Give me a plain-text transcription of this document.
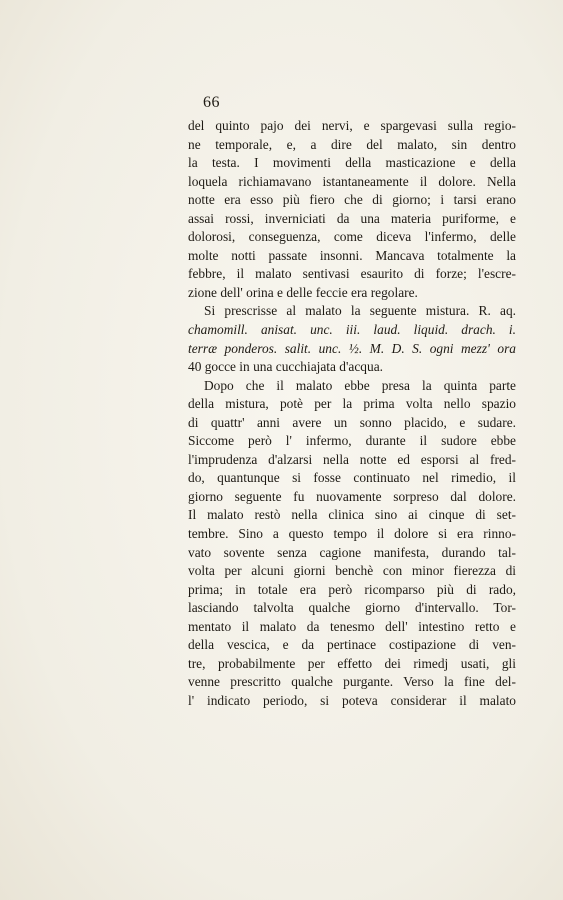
66
del quinto pajo dei nervi, e spargevasi sulla regio-
ne temporale, e, a dire del malato, sin dentro
la testa. I movimenti della masticazione e della
loquela richiamavano istantaneamente il dolore. Nella
notte era esso più fiero che di giorno; i tarsi erano
assai rossi, inverniciati da una materia puriforme, e
dolorosi, conseguenza, come diceva l'infermo, delle
molte notti passate insonni. Mancava totalmente la
febbre, il malato sentivasi esaurito di forze; l'escre-
zione dell' orina e delle feccie era regolare.
Si prescrisse al malato la seguente mistura. R. aq.
chamomill. anisat. unc. iii. laud. liquid. drach. i.
terræ ponderos. salit. unc. ½. M. D. S. ogni mezz' ora
40 gocce in una cucchiajata d'acqua.
Dopo che il malato ebbe presa la quinta parte
della mistura, potè per la prima volta nello spazio
di quattr' anni avere un sonno placido, e sudare.
Siccome però l' infermo, durante il sudore ebbe
l'imprudenza d'alzarsi nella notte ed esporsi al fred-
do, quantunque si fosse continuato nel rimedio, il
giorno seguente fu nuovamente sorpreso dal dolore.
Il malato restò nella clinica sino ai cinque di set-
tembre. Sino a questo tempo il dolore si era rinno-
vato sovente senza cagione manifesta, durando tal-
volta per alcuni giorni benchè con minor fierezza di
prima; in totale era però ricomparso più di rado,
lasciando talvolta qualche giorno d'intervallo. Tor-
mentato il malato da tenesmo dell' intestino retto e
della vescica, e da pertinace costipazione di ven-
tre, probabilmente per effetto dei rimedj usati, gli
venne prescritto qualche purgante. Verso la fine del-
l' indicato periodo, si poteva considerar il malato
